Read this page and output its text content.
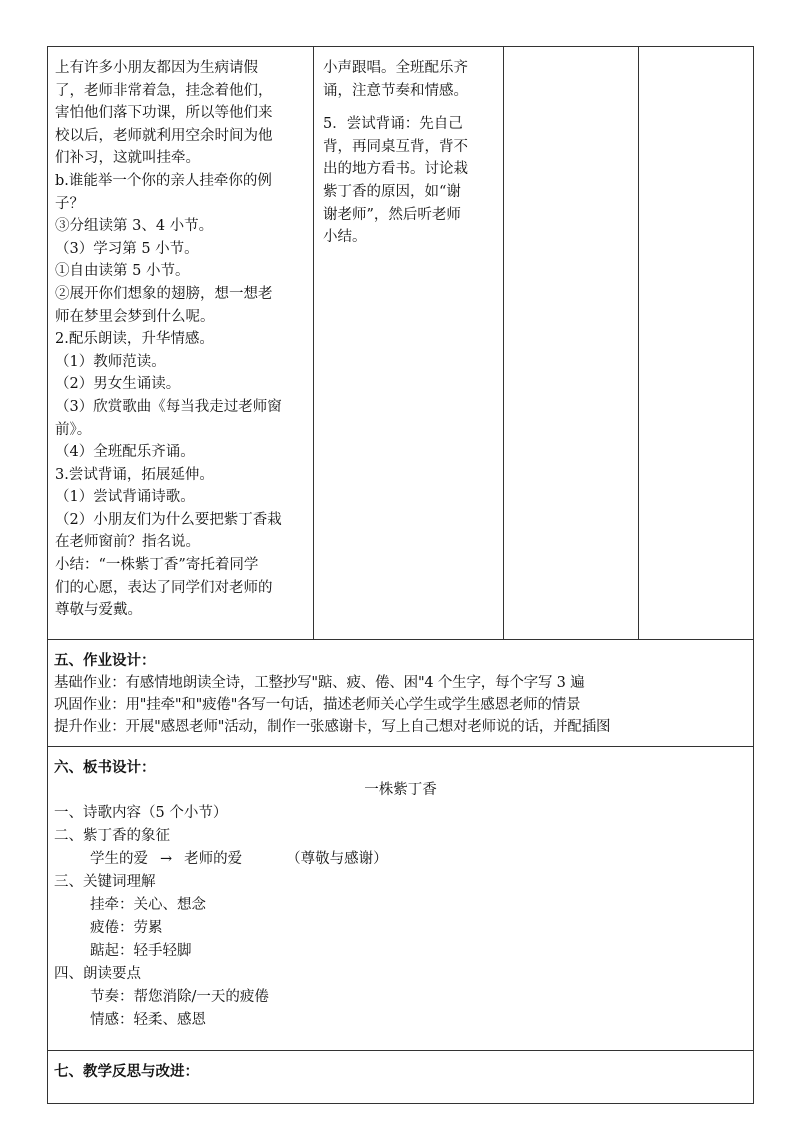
上有许多小朋友都因为生病请假
了，老师非常着急，挂念着他们，
害怕他们落下功课，所以等他们来
校以后，老师就利用空余时间为他
们补习，这就叫挂牵。
b.谁能举一个你的亲人挂牵你的例
子？
③分组读第 3、4 小节。
（3）学习第 5 小节。
①自由读第 5 小节。
②展开你们想象的翅膀，想一想老
师在梦里会梦到什么呢。
2.配乐朗读，升华情感。
（1）教师范读。
（2）男女生诵读。
（3）欣赏歌曲《每当我走过老师窗
前》。
（4）全班配乐齐诵。
3.尝试背诵，拓展延伸。
（1）尝试背诵诗歌。
（2）小朋友们为什么要把紫丁香栽
在老师窗前？指名说。
小结：“一株紫丁香”寄托着同学
们的心愿，表达了同学们对老师的
尊敬与爱戴。

小声跟唱。全班配乐齐
诵，注意节奏和情感。
5．尝试背诵：先自己
背，再同桌互背，背不
出的地方看书。讨论栽
紫丁香的原因，如“谢
谢老师”，然后听老师
小结。

五、作业设计：
基础作业：有感情地朗读全诗，工整抄写"踮、疲、倦、困"4 个生字，每个字写 3 遍
巩固作业：用"挂牵"和"疲倦"各写一句话，描述老师关心学生或学生感恩老师的情景
提升作业：开展"感恩老师"活动，制作一张感谢卡，写上自己想对老师说的话，并配插图

六、板书设计：
一株紫丁香
一、诗歌内容（5 个小节）
二、紫丁香的象征
学生的爱 → 老师的爱	（尊敬与感谢）
三、关键词理解
挂牵：关心、想念
疲倦：劳累
踮起：轻手轻脚
四、朗读要点
节奏：帮您消除/一天的疲倦
情感：轻柔、感恩

七、教学反思与改进：
